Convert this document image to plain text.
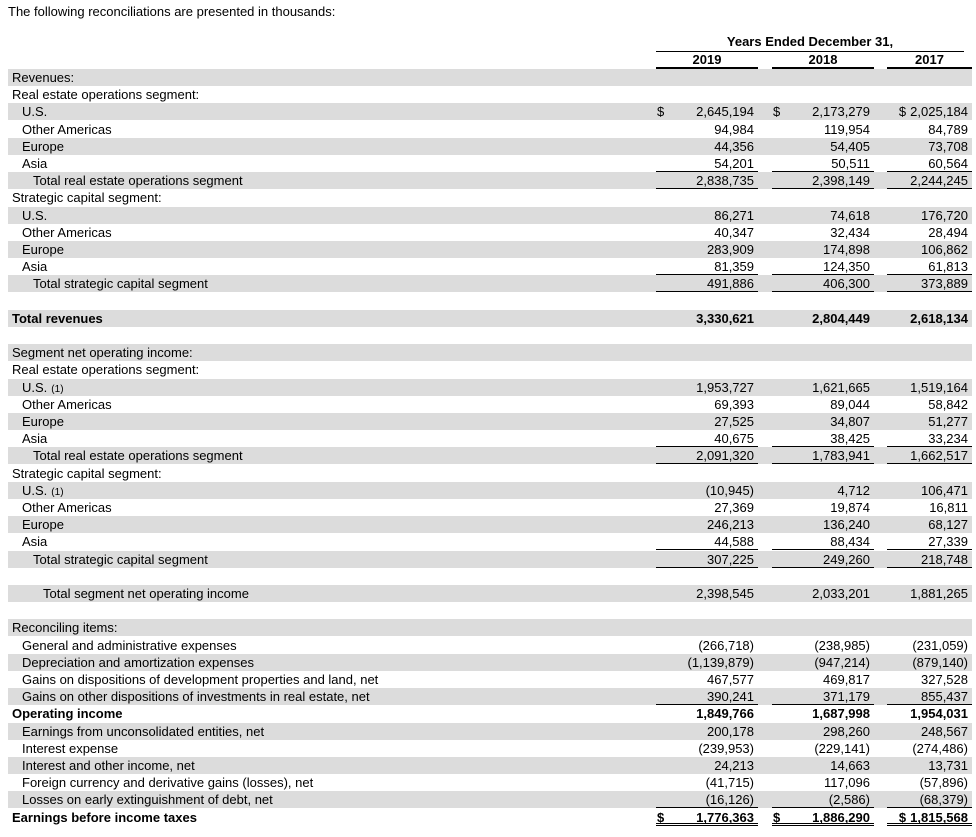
The following reconciliations are presented in thousands:
Years Ended December 31,
2019	2018	2017
Revenues:
Real estate operations segment:
U.S.	$ 2,645,194 $ 2,173,279 $ 2,025,184
Other Americas	94,984	119,954	84,789
Europe	44,356	54,405	73,708
Asia	54,201	50,511	60,564
Total real estate operations segment	2,838,735	2,398,149	2,244,245
Strategic capital segment:
U.S.	86,271	74,618	176,720
Other Americas	40,347	32,434	28,494
Europe	283,909	174,898	106,862
Asia	81,359	124,350	61,813
Total strategic capital segment	491,886	406,300	373,889
Total revenues	3,330,621	2,804,449	2,618,134
Segment net operating income:
Real estate operations segment:
U.S. (1)	1,953,727	1,621,665	1,519,164
Other Americas	69,393	89,044	58,842
Europe	27,525	34,807	51,277
Asia	40,675	38,425	33,234
Total real estate operations segment	2,091,320	1,783,941	1,662,517
Strategic capital segment:
U.S. (1)	(10,945)	4,712	106,471
Other Americas	27,369	19,874	16,811
Europe	246,213	136,240	68,127
Asia	44,588	88,434	27,339
Total strategic capital segment	307,225	249,260	218,748
Total segment net operating income	2,398,545	2,033,201	1,881,265
Reconciling items:
General and administrative expenses	(266,718)	(238,985)	(231,059)
Depreciation and amortization expenses	(1,139,879)	(947,214)	(879,140)
Gains on dispositions of development properties and land, net	467,577	469,817	327,528
Gains on other dispositions of investments in real estate, net	390,241	371,179	855,437
Operating income	1,849,766	1,687,998	1,954,031
Earnings from unconsolidated entities, net	200,178	298,260	248,567
Interest expense	(239,953)	(229,141)	(274,486)
Interest and other income, net	24,213	14,663	13,731
Foreign currency and derivative gains (losses), net	(41,715)	117,096	(57,896)
Losses on early extinguishment of debt, net	(16,126)	(2,586)	(68,379)
Earnings before income taxes	$ 1,776,363 $ 1,886,290 $ 1,815,568
